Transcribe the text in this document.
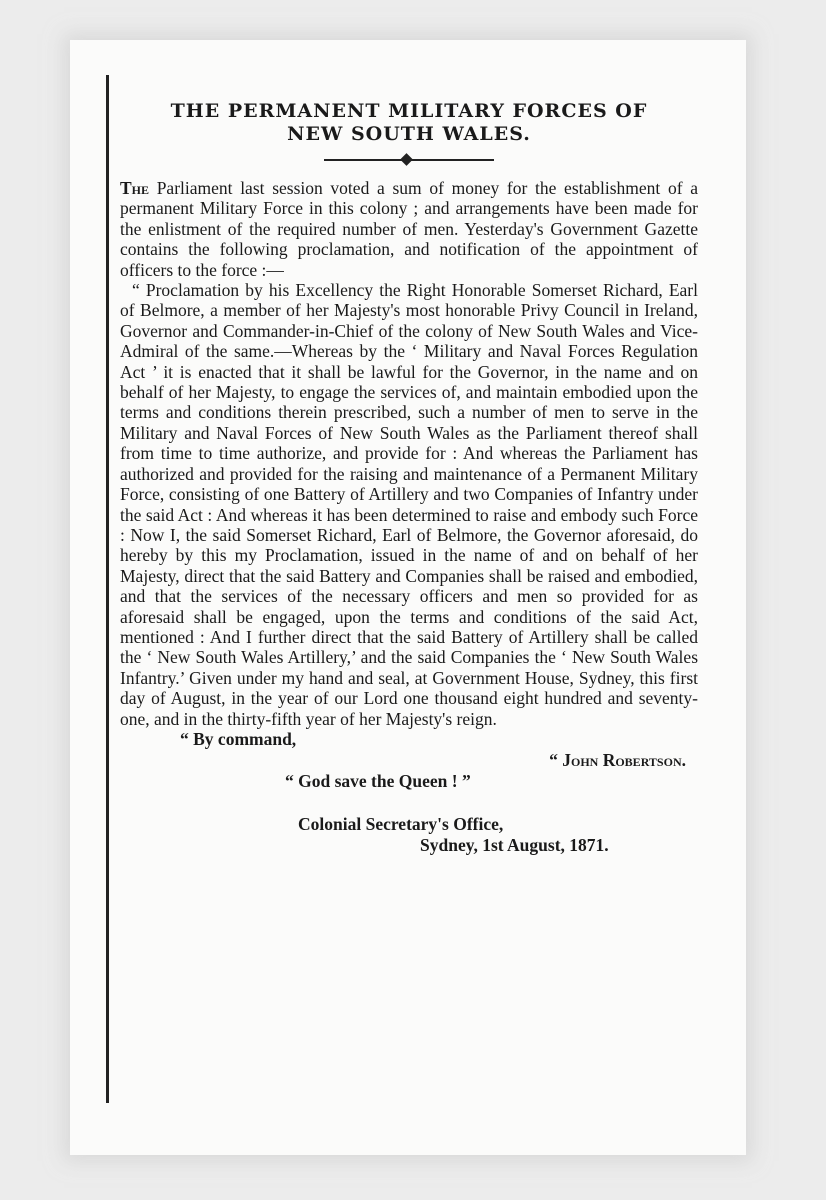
THE PERMANENT MILITARY FORCES OF
NEW SOUTH WALES.

The Parliament last session voted a sum of money for the establishment of a permanent Military Force in this colony ; and arrangements have been made for the enlistment of the required number of men. Yesterday's Government Gazette contains the following proclamation, and notification of the appointment of officers to the force :—

“ Proclamation by his Excellency the Right Honorable Somerset Richard, Earl of Belmore, a member of her Majesty's most honorable Privy Council in Ireland, Governor and Commander-in-Chief of the colony of New South Wales and Vice-Admiral of the same.—Whereas by the ‘ Military and Naval Forces Regulation Act ’ it is enacted that it shall be lawful for the Governor, in the name and on behalf of her Majesty, to engage the services of, and maintain embodied upon the terms and conditions therein prescribed, such a number of men to serve in the Military and Naval Forces of New South Wales as the Parliament thereof shall from time to time authorize, and provide for : And whereas the Parliament has authorized and provided for the raising and maintenance of a Permanent Military Force, consisting of one Battery of Artillery and two Companies of Infantry under the said Act : And whereas it has been determined to raise and embody such Force : Now I, the said Somerset Richard, Earl of Belmore, the Governor aforesaid, do hereby by this my Proclamation, issued in the name of and on behalf of her Majesty, direct that the said Battery and Companies shall be raised and embodied, and that the services of the necessary officers and men so provided for as aforesaid shall be engaged, upon the terms and conditions of the said Act, mentioned : And I further direct that the said Battery of Artillery shall be called the ‘ New South Wales Artillery,’ and the said Companies the ‘ New South Wales Infantry.’ Given under my hand and seal, at Government House, Sydney, this first day of August, in the year of our Lord one thousand eight hundred and seventy-one, and in the thirty-fifth year of her Majesty's reign.

“ By command,
“ John Robertson.
“ God save the Queen ! ”
Colonial Secretary's Office,
Sydney, 1st August, 1871.
